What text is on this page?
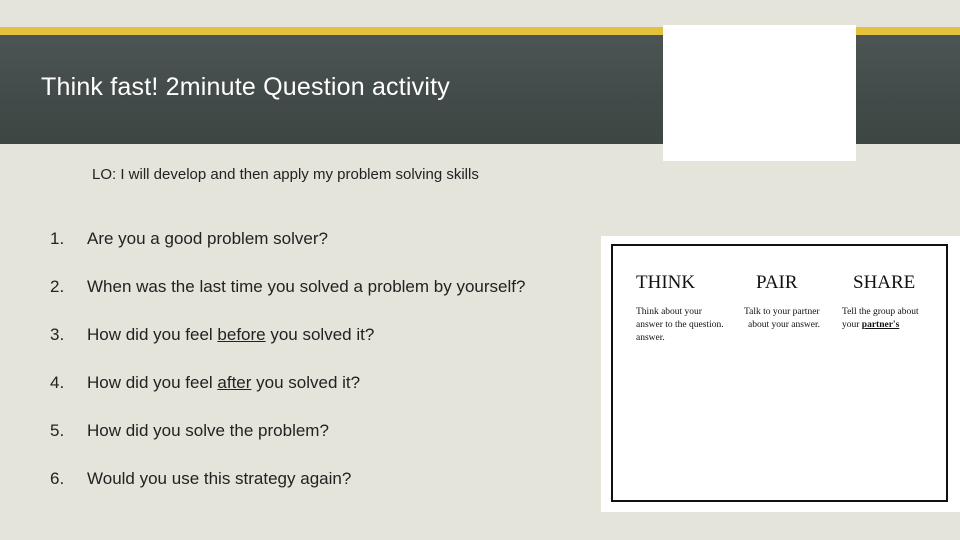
Think fast! 2minute Question activity
LO: I will develop and then apply my problem solving skills
1. Are you a good problem solver?
2. When was the last time you solved a problem by yourself?
3. How did you feel before you solved it?
4. How did you feel after you solved it?
5. How did you solve the problem?
6. Would you use this strategy again?
THINK	PAIR	SHARE
Think about your
answer to the question.
answer.
Talk to your partner
about your answer.
Tell the group about
your partner's
